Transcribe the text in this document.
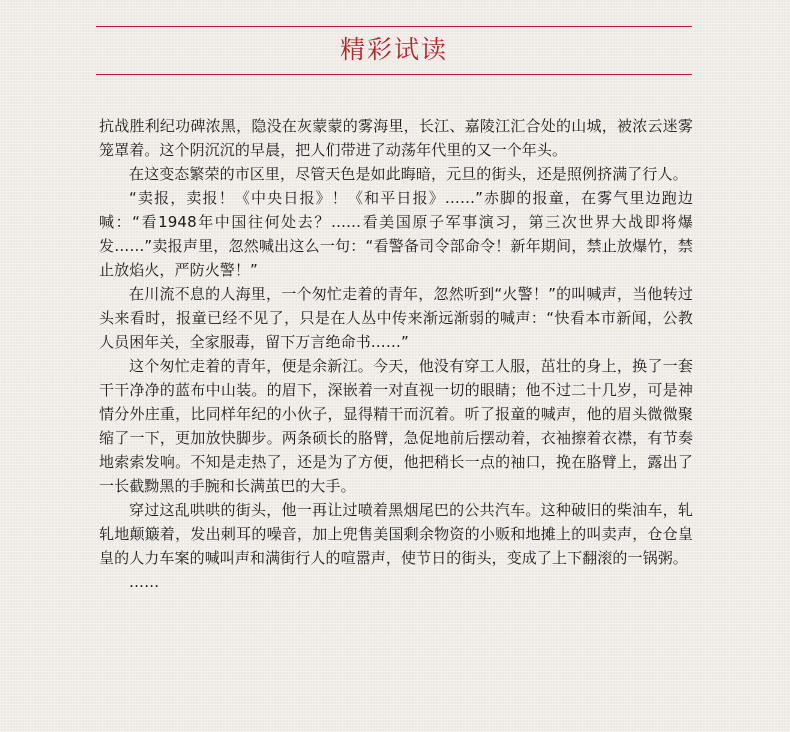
精彩试读

抗战胜利纪功碑浓黑，隐没在灰蒙蒙的雾海里，长江、嘉陵江汇合处的山城，被浓云迷雾笼罩着。这个阴沉沉的早晨，把人们带进了动荡年代里的又一个年头。

在这变态繁荣的市区里，尽管天色是如此晦暗，元旦的街头，还是照例挤满了行人。

“卖报，卖报！《中央日报》！《和平日报》……”赤脚的报童，在雾气里边跑边喊：“看1948年中国往何处去？……看美国原子军事演习，第三次世界大战即将爆发……”卖报声里，忽然喊出这么一句：“看警备司令部命令！新年期间，禁止放爆竹，禁止放焰火，严防火警！”

在川流不息的人海里，一个匆忙走着的青年，忽然听到“火警！”的叫喊声，当他转过头来看时，报童已经不见了，只是在人丛中传来渐远渐弱的喊声：“快看本市新闻，公教人员困年关，全家服毒，留下万言绝命书……”

这个匆忙走着的青年，便是余新江。今天，他没有穿工人服，茁壮的身上，换了一套干干净净的蓝布中山装。的眉下，深嵌着一对直视一切的眼睛；他不过二十几岁，可是神情分外庄重，比同样年纪的小伙子，显得精干而沉着。听了报童的喊声，他的眉头微微聚缩了一下，更加放快脚步。两条硕长的胳臂，急促地前后摆动着，衣袖擦着衣襟，有节奏地索索发响。不知是走热了，还是为了方便，他把稍长一点的袖口，挽在胳臂上，露出了一长截黝黑的手腕和长满茧巴的大手。

穿过这乱哄哄的街头，他一再让过喷着黑烟尾巴的公共汽车。这种破旧的柴油车，轧轧地颠簸着，发出刺耳的噪音，加上兜售美国剩余物资的小贩和地摊上的叫卖声，仓仓皇皇的人力车案的喊叫声和满街行人的喧嚣声，使节日的街头，变成了上下翻滚的一锅粥。

……
